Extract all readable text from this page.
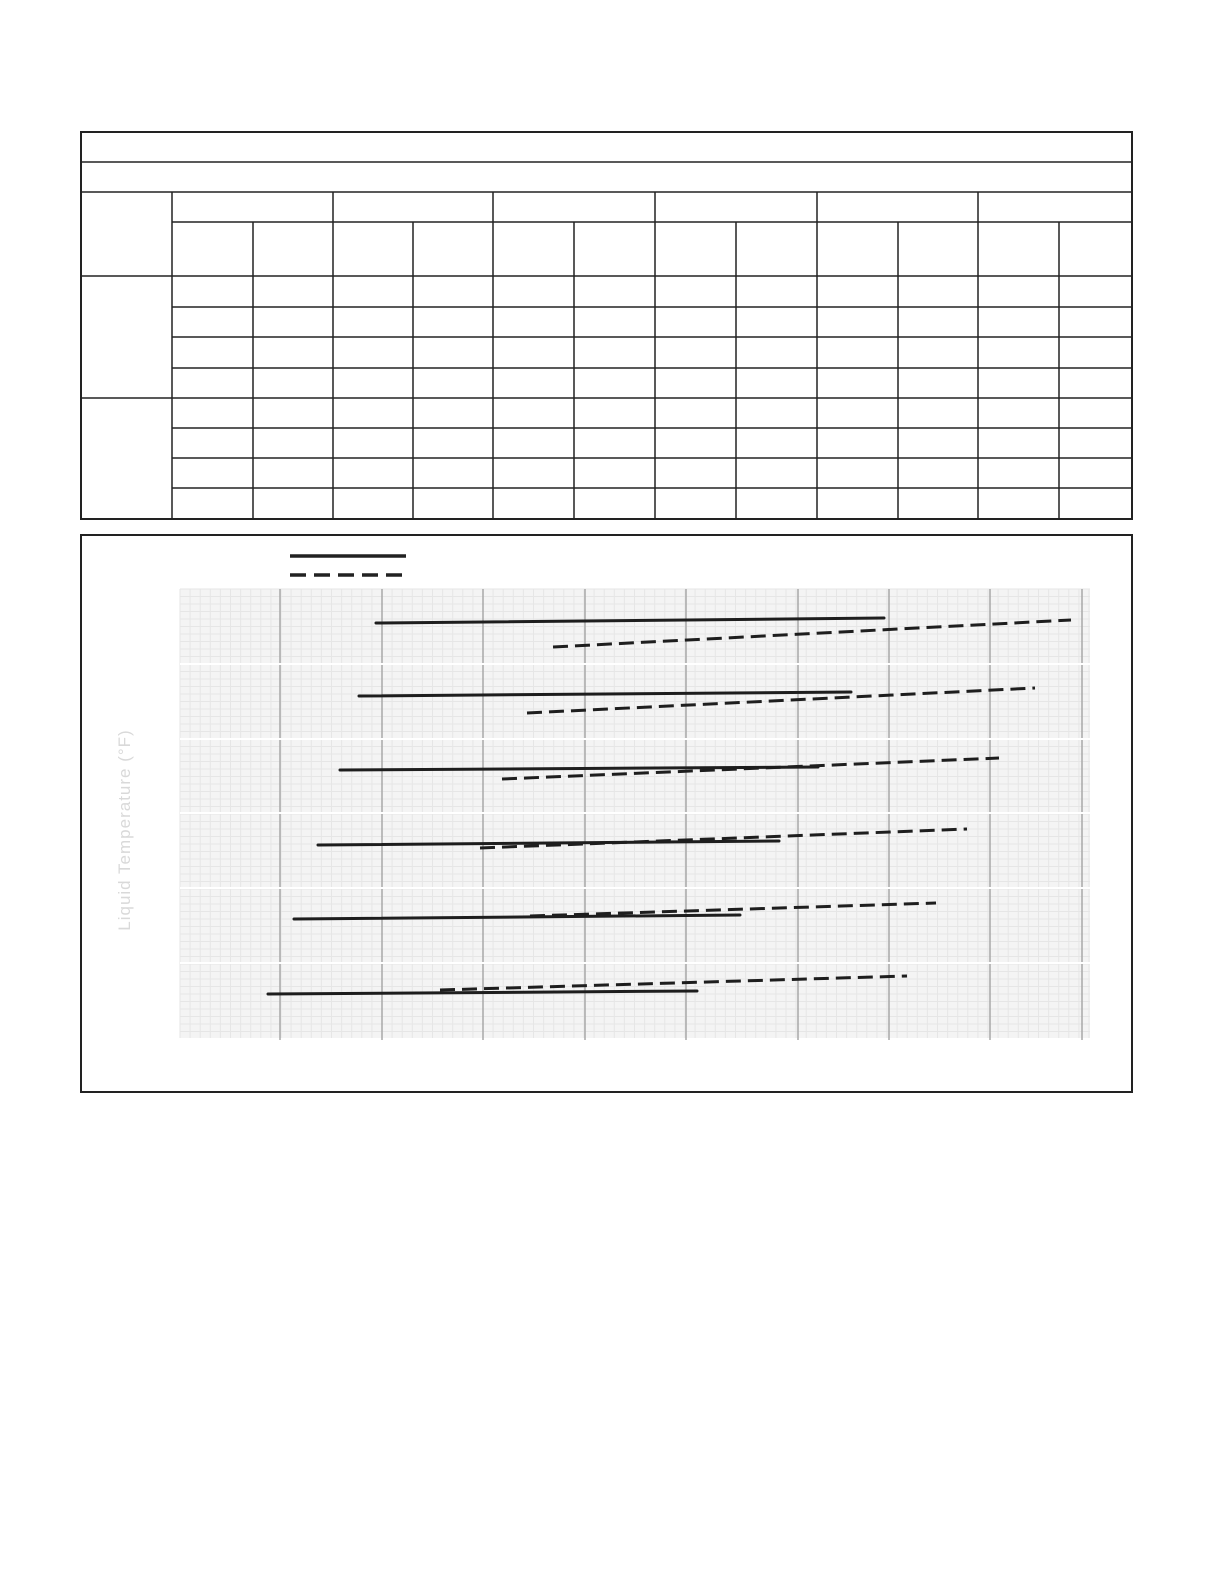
Liquid Temperature (°F)
